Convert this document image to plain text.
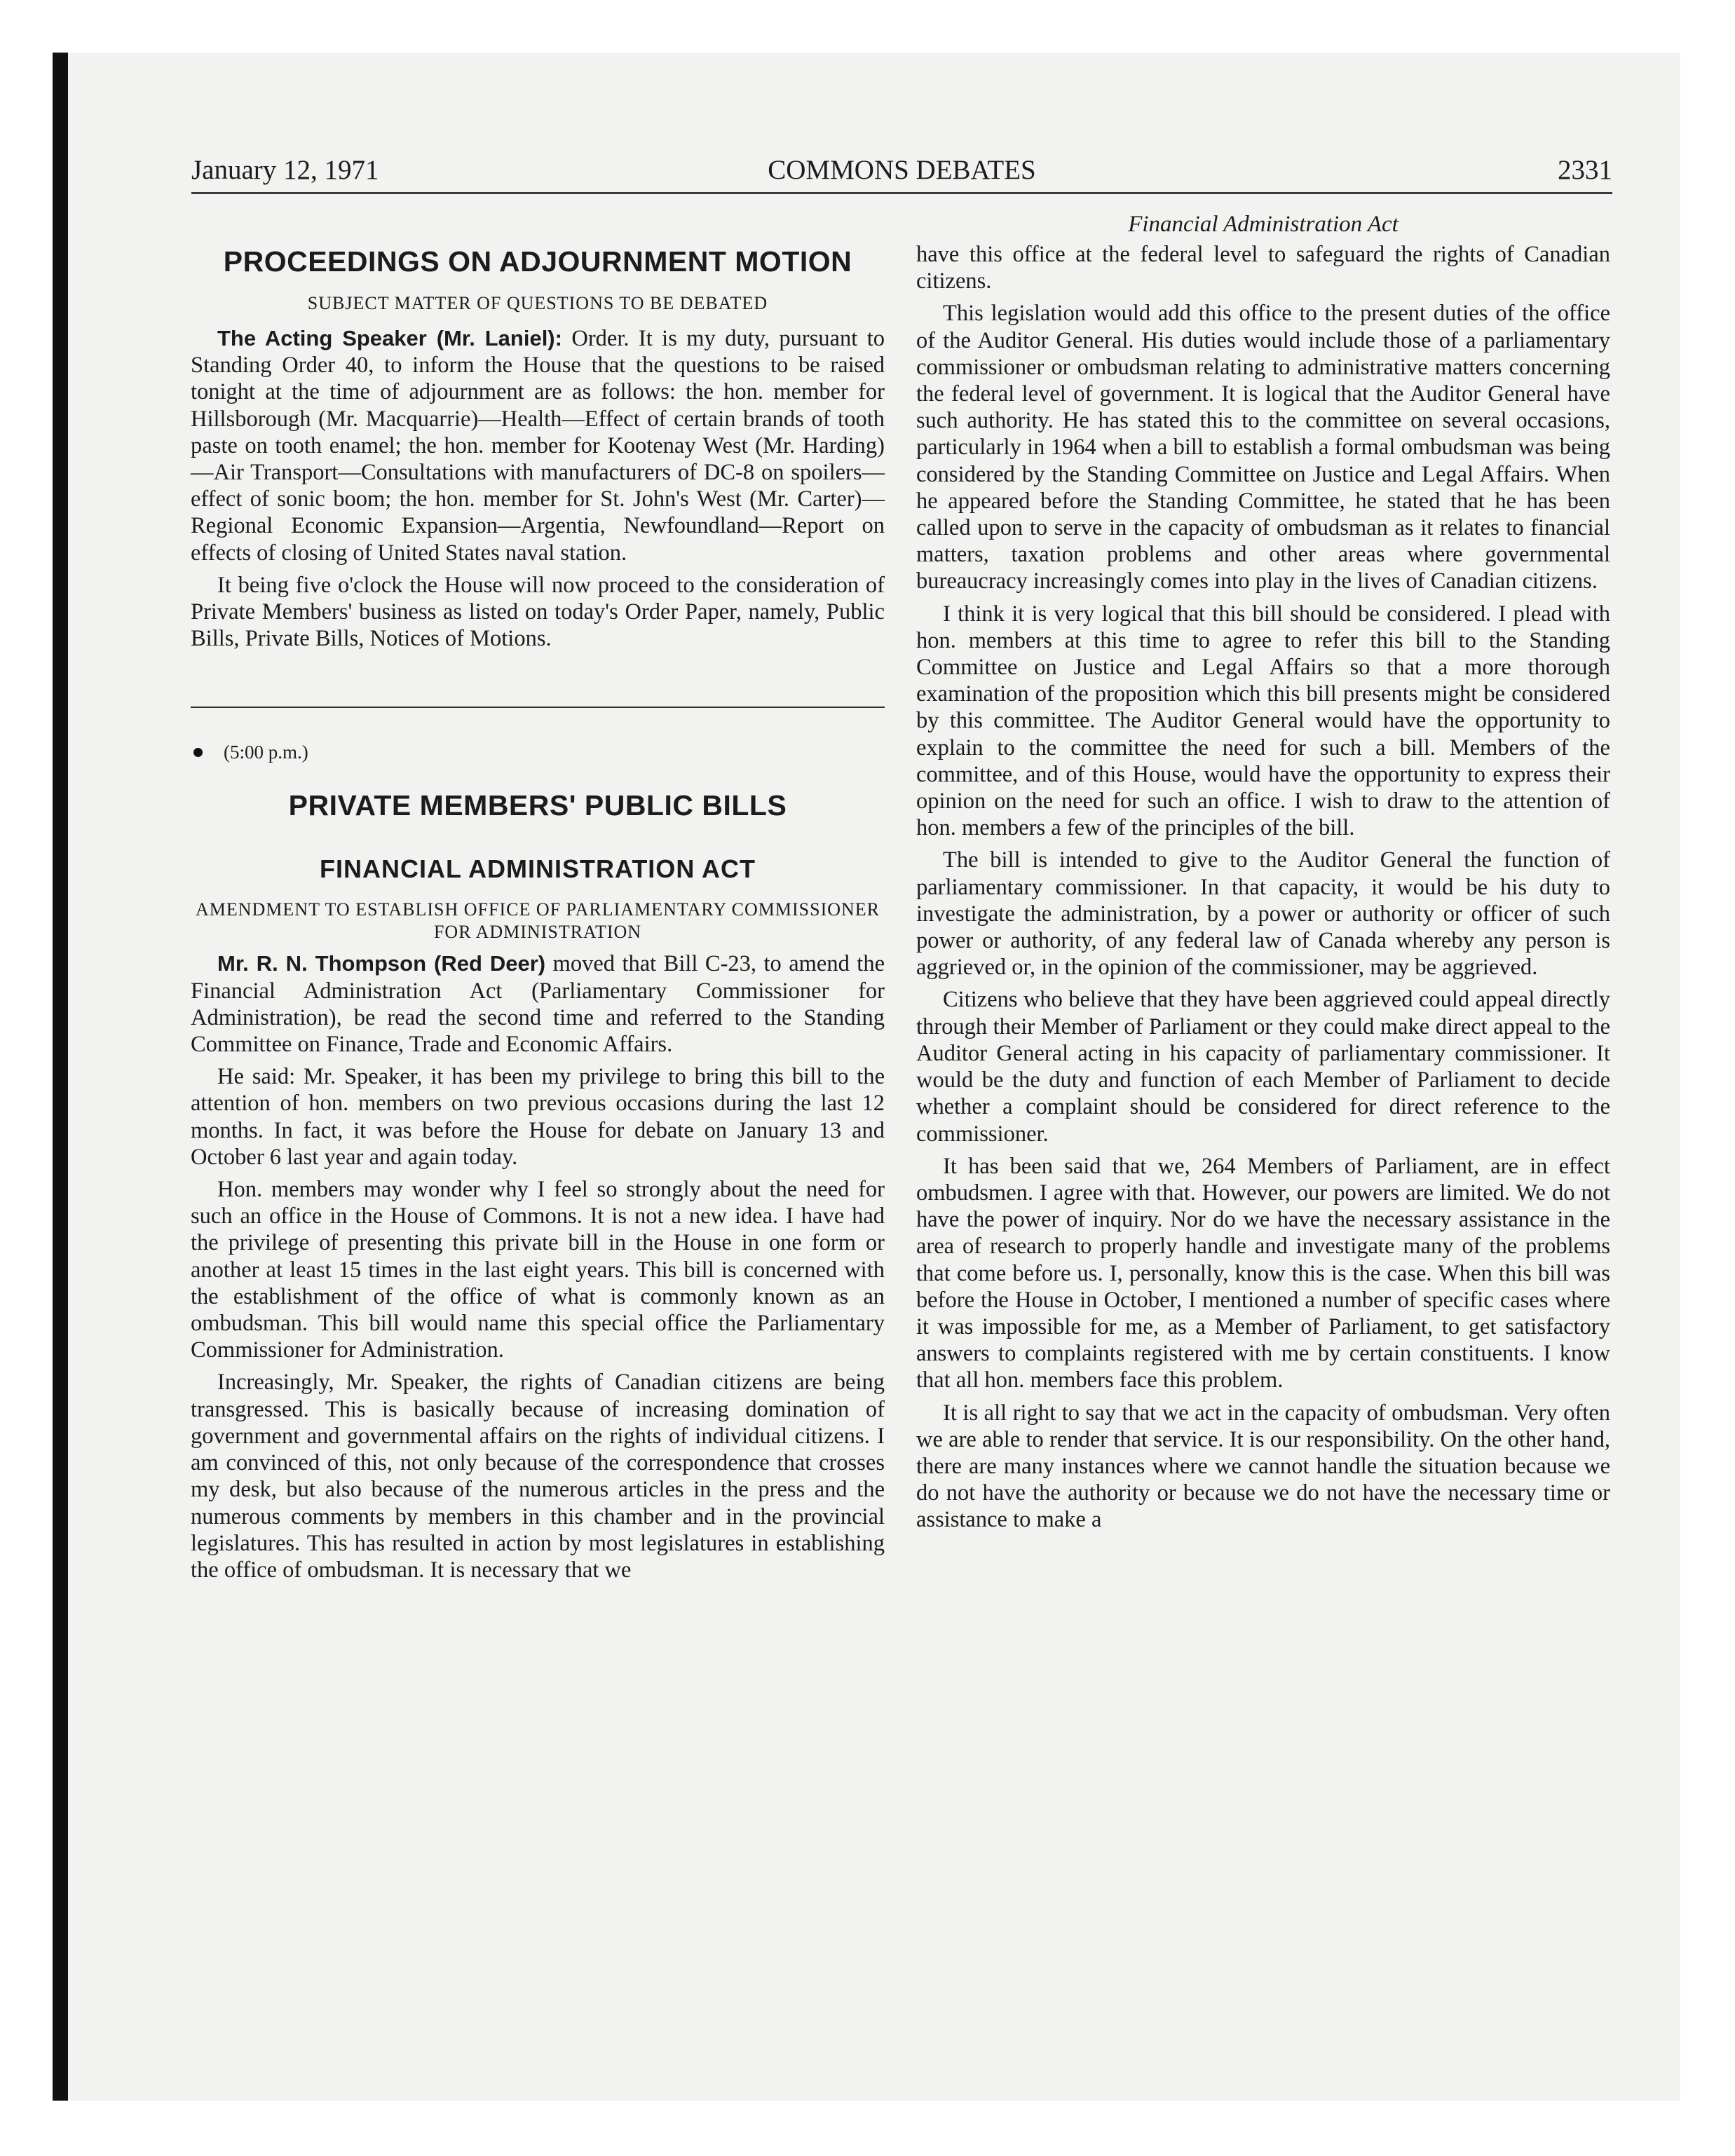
January 12, 1971	COMMONS DEBATES	2331
PROCEEDINGS ON ADJOURNMENT MOTION
SUBJECT MATTER OF QUESTIONS TO BE DEBATED

The Acting Speaker (Mr. Laniel): Order. It is my duty, pursuant to Standing Order 40, to inform the House that the questions to be raised tonight at the time of adjournment are as follows: the hon. member for Hillsborough (Mr. Macquarrie)—Health—Effect of certain brands of tooth paste on tooth enamel; the hon. member for Kootenay West (Mr. Harding)—Air Transport—Consultations with manufacturers of DC-8 on spoilers—effect of sonic boom; the hon. member for St. John's West (Mr. Carter)—Regional Economic Expansion—Argentia, Newfoundland—Report on effects of closing of United States naval station.

It being five o'clock the House will now proceed to the consideration of Private Members' business as listed on today's Order Paper, namely, Public Bills, Private Bills, Notices of Motions.

(5:00 p.m.)
PRIVATE MEMBERS' PUBLIC BILLS
FINANCIAL ADMINISTRATION ACT
AMENDMENT TO ESTABLISH OFFICE OF PARLIAMENTARY COMMISSIONER FOR ADMINISTRATION

Mr. R. N. Thompson (Red Deer) moved that Bill C-23, to amend the Financial Administration Act (Parliamentary Commissioner for Administration), be read the second time and referred to the Standing Committee on Finance, Trade and Economic Affairs.

He said: Mr. Speaker, it has been my privilege to bring this bill to the attention of hon. members on two previous occasions during the last 12 months. In fact, it was before the House for debate on January 13 and October 6 last year and again today.

Hon. members may wonder why I feel so strongly about the need for such an office in the House of Commons. It is not a new idea. I have had the privilege of presenting this private bill in the House in one form or another at least 15 times in the last eight years. This bill is concerned with the establishment of the office of what is commonly known as an ombudsman. This bill would name this special office the Parliamentary Commissioner for Administration.

Increasingly, Mr. Speaker, the rights of Canadian citizens are being transgressed. This is basically because of increasing domination of government and governmental affairs on the rights of individual citizens. I am convinced of this, not only because of the correspondence that crosses my desk, but also because of the numerous articles in the press and the numerous comments by members in this chamber and in the provincial legislatures. This has resulted in action by most legislatures in establishing the office of ombudsman. It is necessary that we

Financial Administration Act

have this office at the federal level to safeguard the rights of Canadian citizens.

This legislation would add this office to the present duties of the office of the Auditor General. His duties would include those of a parliamentary commissioner or ombudsman relating to administrative matters concerning the federal level of government. It is logical that the Auditor General have such authority. He has stated this to the committee on several occasions, particularly in 1964 when a bill to establish a formal ombudsman was being considered by the Standing Committee on Justice and Legal Affairs. When he appeared before the Standing Committee, he stated that he has been called upon to serve in the capacity of ombudsman as it relates to financial matters, taxation problems and other areas where governmental bureaucracy increasingly comes into play in the lives of Canadian citizens.

I think it is very logical that this bill should be considered. I plead with hon. members at this time to agree to refer this bill to the Standing Committee on Justice and Legal Affairs so that a more thorough examination of the proposition which this bill presents might be considered by this committee. The Auditor General would have the opportunity to explain to the committee the need for such a bill. Members of the committee, and of this House, would have the opportunity to express their opinion on the need for such an office. I wish to draw to the attention of hon. members a few of the principles of the bill.

The bill is intended to give to the Auditor General the function of parliamentary commissioner. In that capacity, it would be his duty to investigate the administration, by a power or authority or officer of such power or authority, of any federal law of Canada whereby any person is aggrieved or, in the opinion of the commissioner, may be aggrieved.

Citizens who believe that they have been aggrieved could appeal directly through their Member of Parliament or they could make direct appeal to the Auditor General acting in his capacity of parliamentary commissioner. It would be the duty and function of each Member of Parliament to decide whether a complaint should be considered for direct reference to the commissioner.

It has been said that we, 264 Members of Parliament, are in effect ombudsmen. I agree with that. However, our powers are limited. We do not have the power of inquiry. Nor do we have the necessary assistance in the area of research to properly handle and investigate many of the problems that come before us. I, personally, know this is the case. When this bill was before the House in October, I mentioned a number of specific cases where it was impossible for me, as a Member of Parliament, to get satisfactory answers to complaints registered with me by certain constituents. I know that all hon. members face this problem.

It is all right to say that we act in the capacity of ombudsman. Very often we are able to render that service. It is our responsibility. On the other hand, there are many instances where we cannot handle the situation because we do not have the authority or because we do not have the necessary time or assistance to make a
